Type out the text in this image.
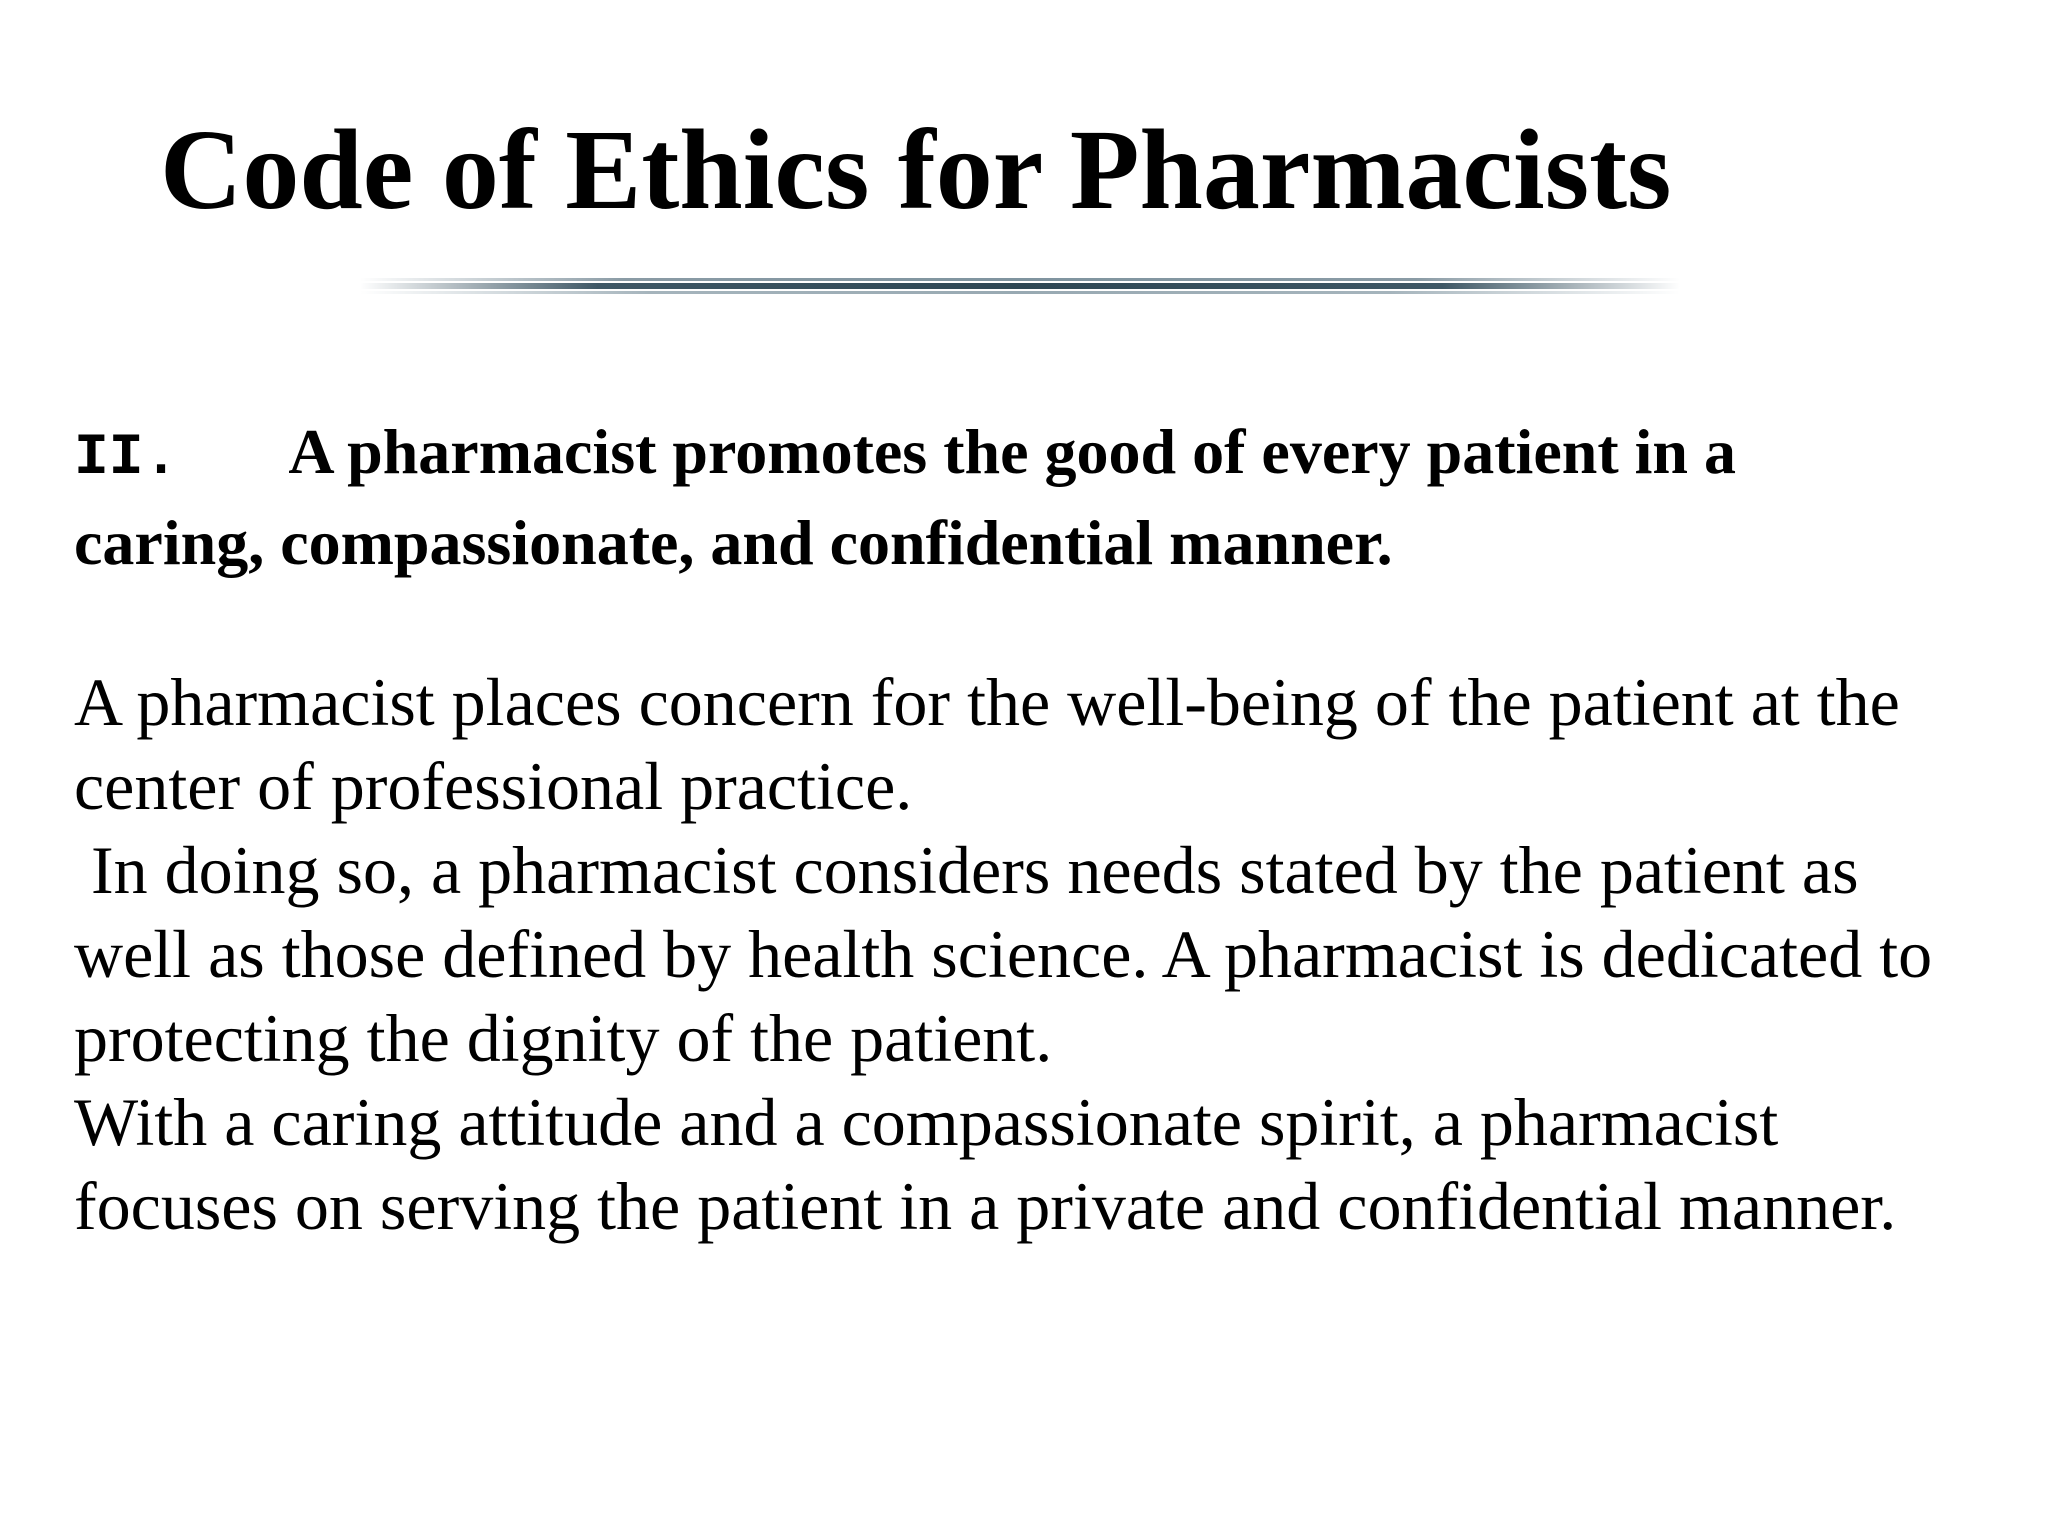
Code of Ethics for Pharmacists

II. A pharmacist promotes the good of every patient in a
caring, compassionate, and confidential manner.

A pharmacist places concern for the well-being of the patient at the
center of professional practice.
In doing so, a pharmacist considers needs stated by the patient as
well as those defined by health science. A pharmacist is dedicated to
protecting the dignity of the patient.
With a caring attitude and a compassionate spirit, a pharmacist
focuses on serving the patient in a private and confidential manner.
